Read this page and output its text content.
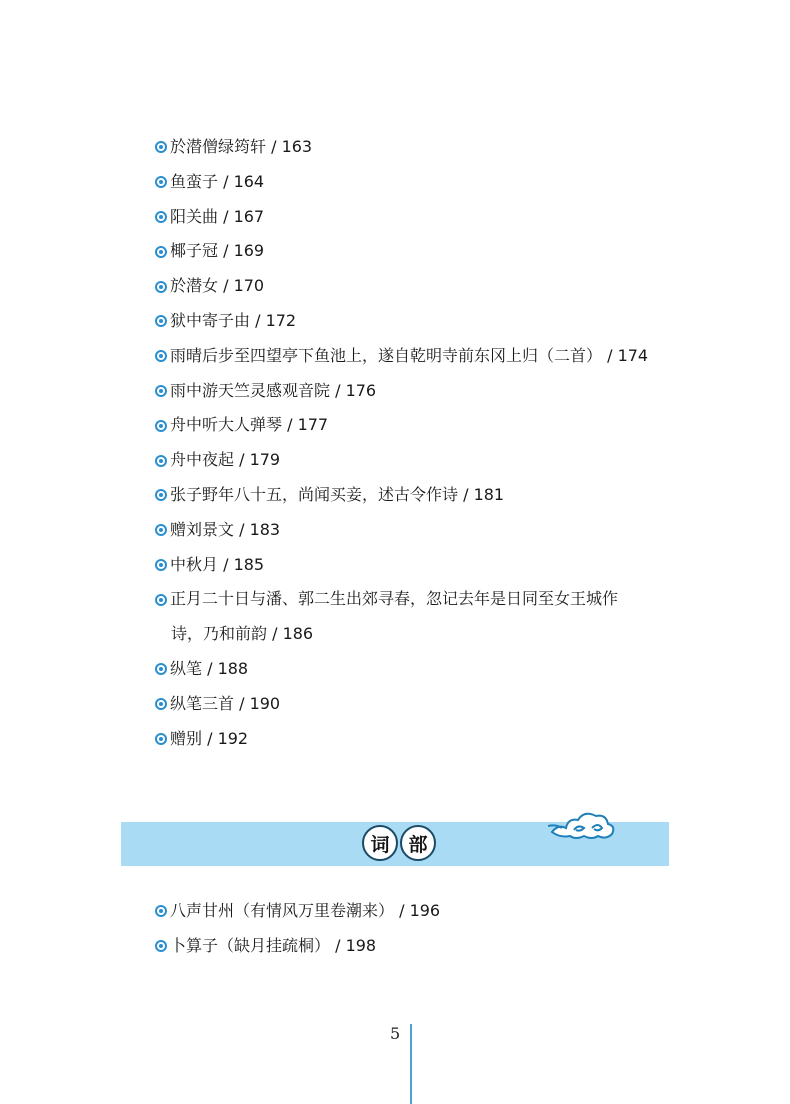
於潜僧绿筠轩 / 163
鱼蛮子 / 164
阳关曲 / 167
椰子冠 / 169
於潜女 / 170
狱中寄子由 / 172
雨晴后步至四望亭下鱼池上，遂自乾明寺前东冈上归（二首） / 174
雨中游天竺灵感观音院 / 176
舟中听大人弹琴 / 177
舟中夜起 / 179
张子野年八十五，尚闻买妾，述古令作诗 / 181
赠刘景文 / 183
中秋月 / 185
正月二十日与潘、郭二生出郊寻春，忽记去年是日同至女王城作
诗，乃和前韵 / 186
纵笔 / 188
纵笔三首 / 190
赠别 / 192
词 部
八声甘州（有情风万里卷潮来） / 196
卜算子（缺月挂疏桐） / 198
5
